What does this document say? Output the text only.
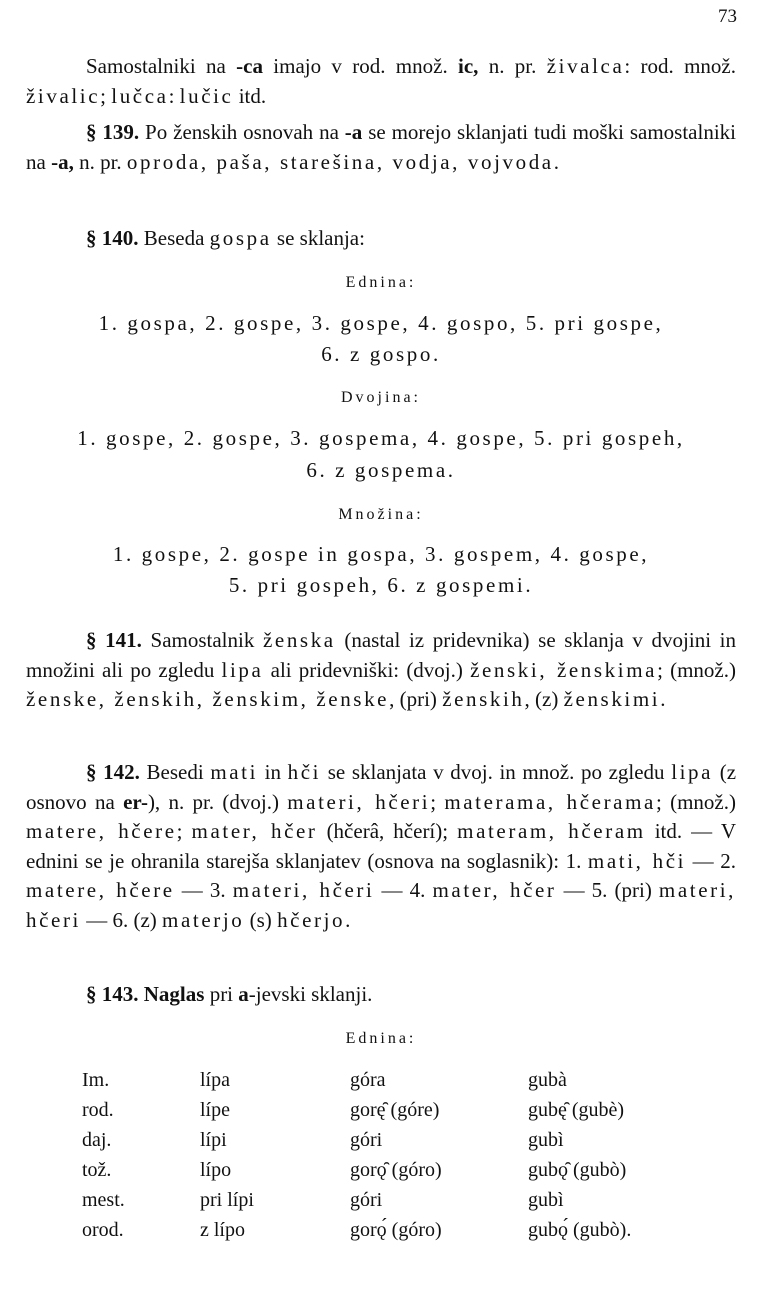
73

Samostalniki na -ca imajo v rod. množ. ic, n. pr. živalca: rod. množ. živalic; lučca: lučic itd.

§ 139. Po ženskih osnovah na -a se morejo sklanjati tudi moški samostalniki na -a, n. pr. oproda, paša, starešina, vodja, vojvoda.

§ 140. Beseda gospa se sklanja:

Ednina:

1. gospa, 2. gospe, 3. gospe, 4. gospo, 5. pri gospe,

6. z gospo.

Dvojina:

1. gospe, 2. gospe, 3. gospema, 4. gospe, 5. pri gospeh,

6. z gospema.

Množina:

1. gospe, 2. gospe in gospa, 3. gospem, 4. gospe,

5. pri gospeh, 6. z gospemi.

§ 141. Samostalnik ženska (nastal iz pridevnika) se sklanja v dvojini in množini ali po zgledu lipa ali pridevniški: (dvoj.) ženski, ženskima; (množ.) ženske, ženskih, ženskim, ženske, (pri) ženskih, (z) ženskimi.

§ 142. Besedi mati in hči se sklanjata v dvoj. in množ. po zgledu lipa (z osnovo na er-), n. pr. (dvoj.) materi, hčeri; materama, hčerama; (množ.) matere, hčere; mater, hčer (hčerâ, hčerí); materam, hčeram itd. — V ednini se je ohranila starejša sklanjatev (osnova na soglasnik): 1. mati, hči — 2. matere, hčere — 3. materi, hčeri — 4. mater, hčer — 5. (pri) materi, hčeri — 6. (z) materjo (s) hčerjo.

§ 143. Naglas pri a-jevski sklanji.

Ednina:
Im.	lípa	góra	gubà
rod.	lípe	gorę̑ (góre)	gubę̑ (gubè)
daj.	lípi	góri	gubì
tož.	lípo	gorǫ̑ (góro)	gubǫ̑ (gubò)
mest.	pri lípi	góri	gubì
orod.	z lípo	gorǫ́ (góro)	gubǫ́ (gubò).
